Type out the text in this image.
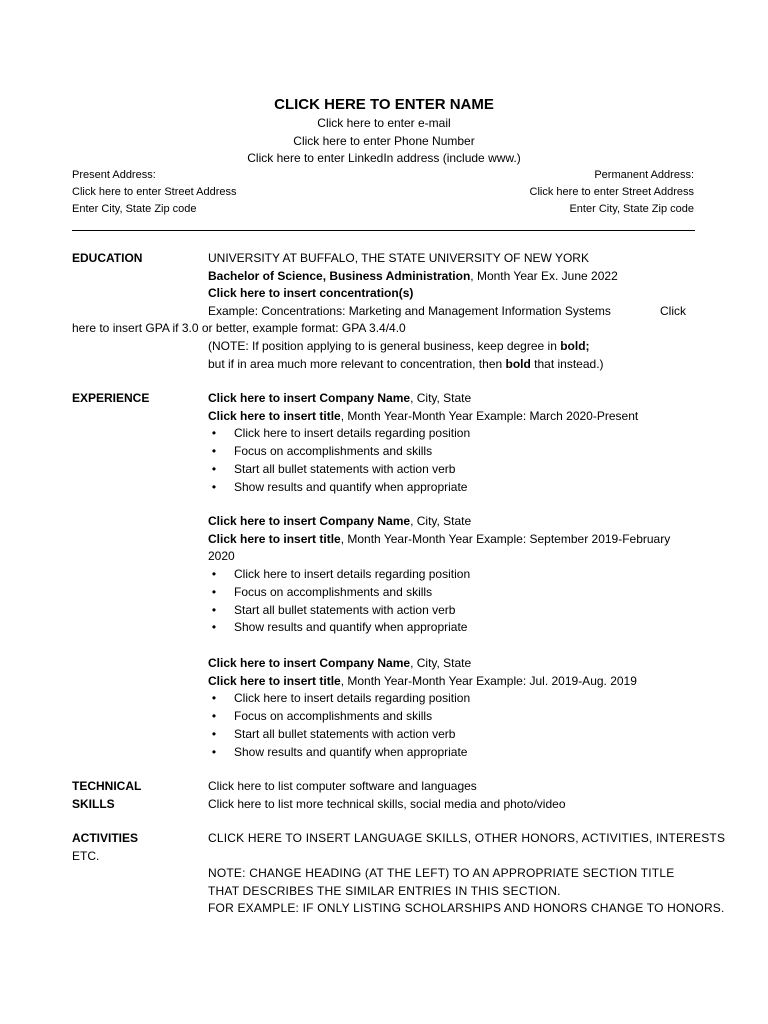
CLICK HERE TO ENTER NAME
Click here to enter e-mail
Click here to enter Phone Number
Click here to enter LinkedIn address (include www.)
Present Address:
Click here to enter Street Address
Enter City, State Zip code
Permanent Address:
Click here to enter Street Address
Enter City, State Zip code
EDUCATION	UNIVERSITY AT BUFFALO, THE STATE UNIVERSITY OF NEW YORK
Bachelor of Science, Business Administration, Month Year Ex. June 2022
Click here to insert concentration(s)
Example: Concentrations: Marketing and Management Information Systems	Click
here to insert GPA if 3.0 or better, example format: GPA 3.4/4.0
(NOTE: If position applying to is general business, keep degree in bold;
but if in area much more relevant to concentration, then bold that instead.)
EXPERIENCE	Click here to insert Company Name, City, State
Click here to insert title, Month Year-Month Year Example: March 2020-Present
•	Click here to insert details regarding position
•	Focus on accomplishments and skills
•	Start all bullet statements with action verb
•	Show results and quantify when appropriate
Click here to insert Company Name, City, State
Click here to insert title, Month Year-Month Year Example: September 2019-February
2020
•	Click here to insert details regarding position
•	Focus on accomplishments and skills
•	Start all bullet statements with action verb
•	Show results and quantify when appropriate
Click here to insert Company Name, City, State
Click here to insert title, Month Year-Month Year Example: Jul. 2019-Aug. 2019
•	Click here to insert details regarding position
•	Focus on accomplishments and skills
•	Start all bullet statements with action verb
•	Show results and quantify when appropriate
TECHNICAL
SKILLS
Click here to list computer software and languages
Click here to list more technical skills, social media and photo/video
ACTIVITIES
ETC.
CLICK HERE TO INSERT LANGUAGE SKILLS, OTHER HONORS, ACTIVITIES, INTERESTS
NOTE: CHANGE HEADING (AT THE LEFT) TO AN APPROPRIATE SECTION TITLE
THAT DESCRIBES THE SIMILAR ENTRIES IN THIS SECTION.
FOR EXAMPLE: IF ONLY LISTING SCHOLARSHIPS AND HONORS CHANGE TO HONORS.
